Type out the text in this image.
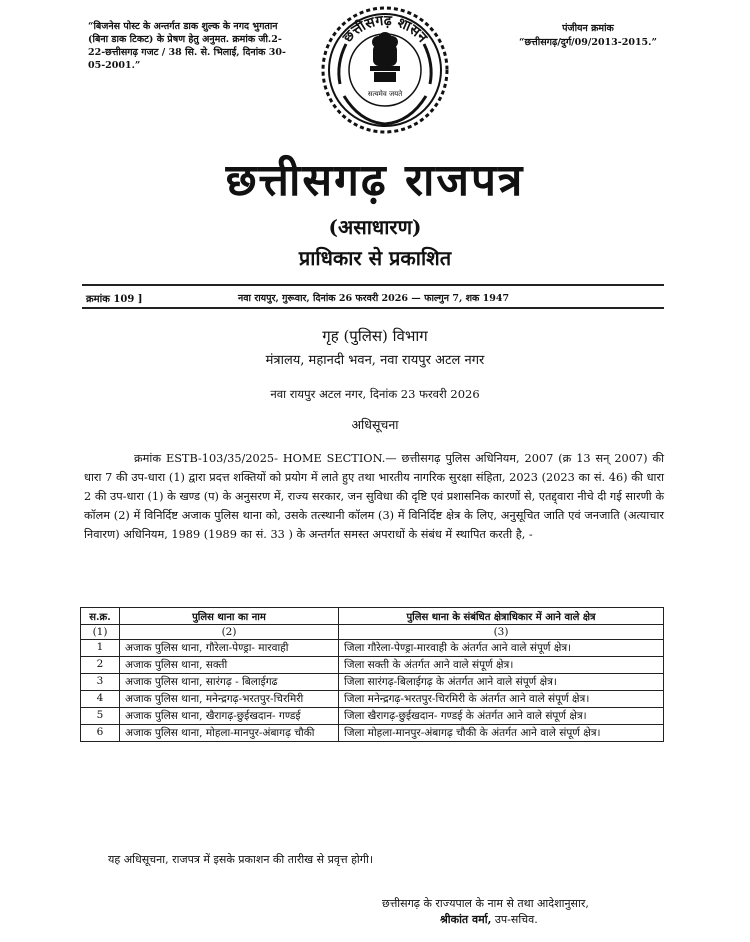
“बिजनेस पोस्ट के अन्तर्गत डाक शुल्क के नगद भुगतान (बिना डाक टिकट) के प्रेषण हेतु अनुमत. क्रमांक जी.2-22-छत्तीसगढ़ गजट / 38 सि. से. भिलाई, दिनांक 30-05-2001.”
छत्तीसगढ़ शासन
सत्यमेव जयते
पंजीयन क्रमांक
“छत्तीसगढ़/दुर्ग/09/2013-2015.”
छत्तीसगढ़ राजपत्र
(असाधारण)
प्राधिकार से प्रकाशित
क्रमांक 109 ]	नवा रायपुर, गुरूवार, दिनांक 26 फरवरी 2026 — फाल्गुन 7, शक 1947
गृह (पुलिस) विभाग
मंत्रालय, महानदी भवन, नवा रायपुर अटल नगर
नवा रायपुर अटल नगर, दिनांक 23 फरवरी 2026
अधिसूचना
क्रमांक ESTB-103/35/2025- HOME SECTION.— छत्तीसगढ़ पुलिस अधिनियम, 2007 (क्र 13 सन् 2007) की धारा 7 की उप-धारा (1) द्वारा प्रदत्त शक्तियों को प्रयोग में लाते हुए तथा भारतीय नागरिक सुरक्षा संहिता, 2023 (2023 का सं. 46) की धारा 2 की उप-धारा (1) के खण्ड (प) के अनुसरण में, राज्य सरकार, जन सुविधा की दृष्टि एवं प्रशासनिक कारणों से, एतद्द्वारा नीचे दी गई सारणी के कॉलम (2) में विनिर्दिष्ट अजाक पुलिस थाना को, उसके तत्स्थानी कॉलम (3) में विनिर्दिष्ट क्षेत्र के लिए, अनुसूचित जाति एवं जनजाति (अत्याचार निवारण) अधिनियम, 1989 (1989 का सं. 33 ) के अन्तर्गत समस्त अपराधों के संबंध में स्थापित करती है, -
स.क्र.	पुलिस थाना का नाम	पुलिस थाना के संबंधित क्षेत्राधिकार में आने वाले क्षेत्र
(1)	(2)	(3)
1	अजाक पुलिस थाना, गौरेला-पेण्ड्रा- मारवाही	जिला गौरेला-पेण्ड्रा-मारवाही के अंतर्गत आने वाले संपूर्ण क्षेत्र।
2	अजाक पुलिस थाना, सक्ती	जिला सक्ती के अंतर्गत आने वाले संपूर्ण क्षेत्र।
3	अजाक पुलिस थाना, सारंगढ़ - बिलाईगढ	जिला सारंगढ़-बिलाईगढ़ के अंतर्गत आने वाले संपूर्ण क्षेत्र।
4	अजाक पुलिस थाना, मनेन्द्रगढ़-भरतपुर-चिरमिरी	जिला मनेन्द्रगढ़-भरतपुर-चिरमिरी के अंतर्गत आने वाले संपूर्ण क्षेत्र।
5	अजाक पुलिस थाना, खैरागढ़-छुईखदान- गण्डई	जिला खैरागढ़-छुईखदान- गण्डई के अंतर्गत आने वाले संपूर्ण क्षेत्र।
6	अजाक पुलिस थाना, मोहला-मानपुर-अंबागढ़ चौकी	जिला मोहला-मानपुर-अंबागढ़ चौकी के अंतर्गत आने वाले संपूर्ण क्षेत्र।
यह अधिसूचना, राजपत्र में इसके प्रकाशन की तारीख से प्रवृत्त होगी।
छत्तीसगढ़ के राज्यपाल के नाम से तथा आदेशानुसार,
श्रीकांत वर्मा, उप-सचिव.
